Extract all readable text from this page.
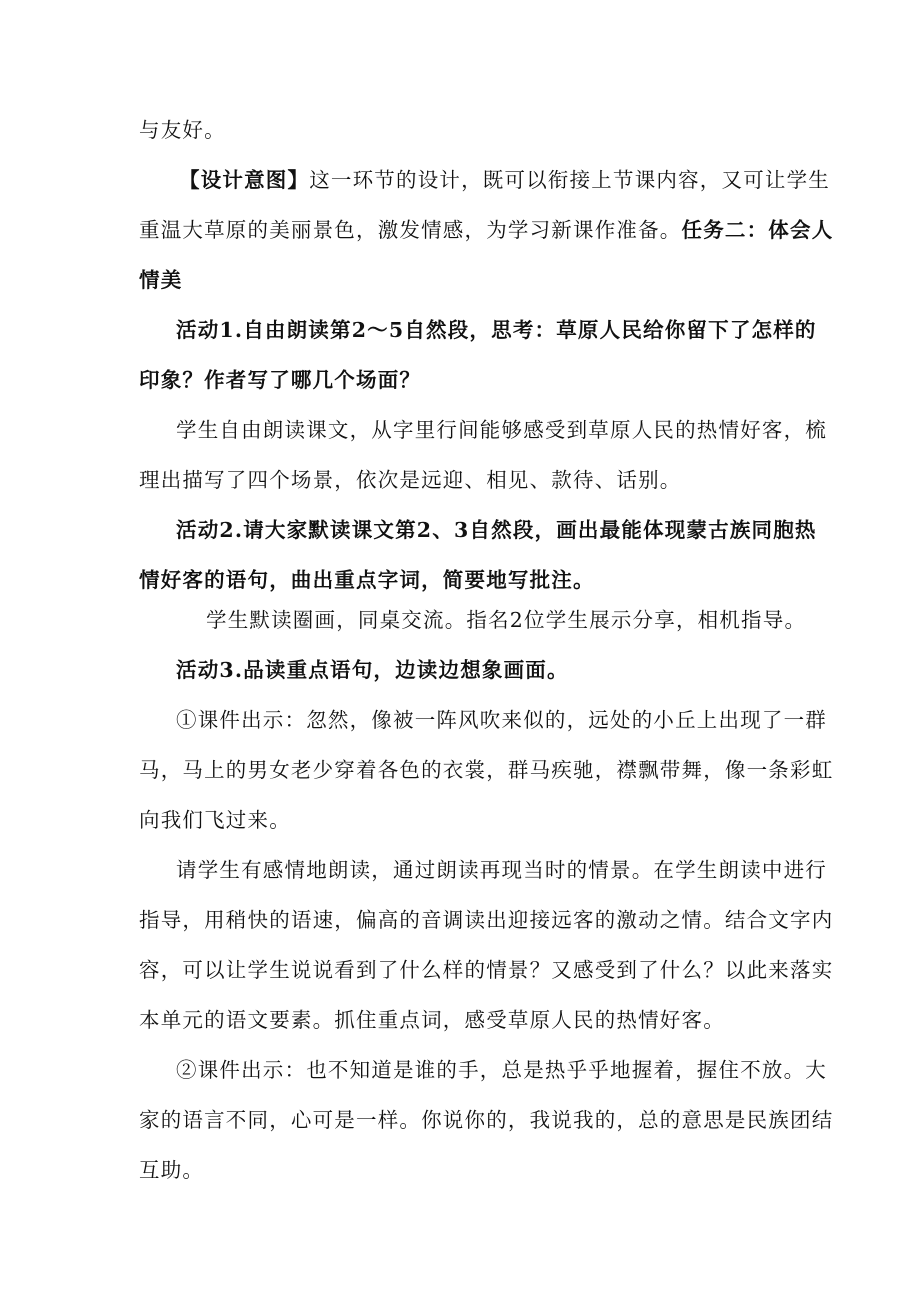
与友好。
【设计意图】这一环节的设计，既可以衔接上节课内容，又可让学生
重温大草原的美丽景色，激发情感，为学习新课作准备。任务二：体会人
情美
活动1.自由朗读第2〜5自然段，思考：草原人民给你留下了怎样的
印象？作者写了哪几个场面？
学生自由朗读课文，从字里行间能够感受到草原人民的热情好客，梳
理出描写了四个场景，依次是远迎、相见、款待、话别。
活动2.请大家默读课文第2、3自然段，画出最能体现蒙古族同胞热
情好客的语句，曲出重点字词，简要地写批注。
学生默读圈画，同桌交流。指名2位学生展示分享，相机指导。
活动3.品读重点语句，边读边想象画面。
①课件出示：忽然，像被一阵风吹来似的，远处的小丘上出现了一群
马，马上的男女老少穿着各色的衣裳，群马疾驰，襟飘带舞，像一条彩虹
向我们飞过来。
请学生有感情地朗读，通过朗读再现当时的情景。在学生朗读中进行
指导，用稍快的语速，偏高的音调读出迎接远客的激动之情。结合文字内
容，可以让学生说说看到了什么样的情景？又感受到了什么？以此来落实
本单元的语文要素。抓住重点词，感受草原人民的热情好客。
②课件出示：也不知道是谁的手，总是热乎乎地握着，握住不放。大
家的语言不同，心可是一样。你说你的，我说我的，总的意思是民族团结
互助。
